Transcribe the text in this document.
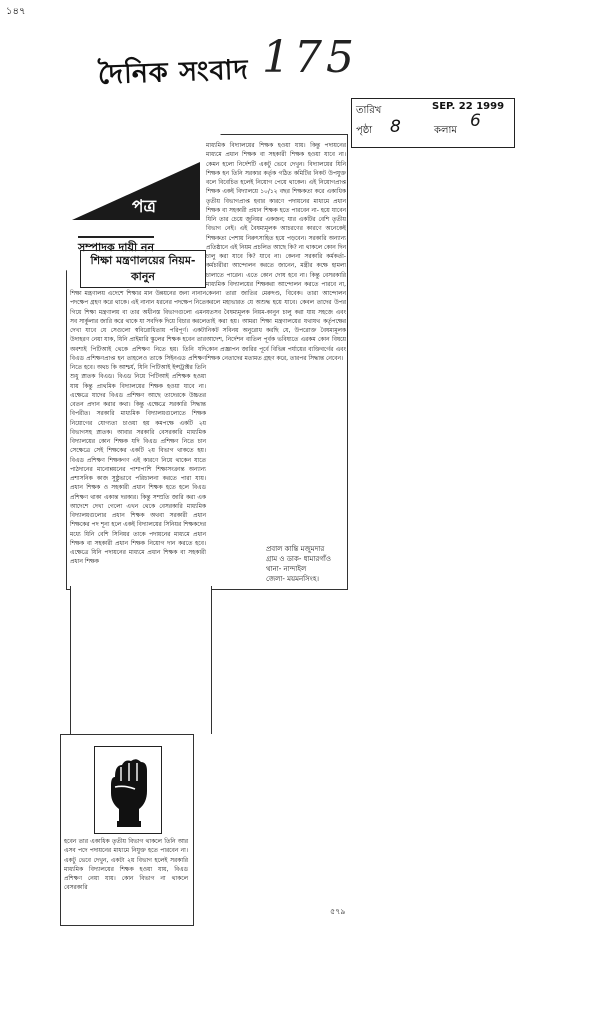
১৪৭
দৈনিক সংবাদ 175
তারিখ	SEP. 22 1999
পৃষ্ঠা 8	কলাম 6
পত্র
সম্পাদক দায়ী নন
শিক্ষা মন্ত্রণালয়ের নিয়ম-কানুন
শিক্ষা মন্ত্রণালয় এদেশে শিক্ষার মান উন্নয়নের জন্য নানান পদক্ষেপ গ্রহণ করে থাকে। এই নানান ধরনের পদক্ষেপ নিতে গিয়ে শিক্ষা মন্ত্রণালয় বা তার অধীনস্ত বিভাগগুলো এমন সব সার্কুলার জারি করে থাকে যা সবদিক দিয়ে বিচার করলে দেখা যাবে যে সেগুলো স্ববিরোধিতায় পরিপূর্ণ। একটা উদাহরণ নেয়া যাক, যিনি প্রাইমারি স্কুলের শিক্ষক হবেন তার অবশ্যই পিটিআই থেকে প্রশিক্ষণ নিতে হয়। তিনি যদি বিএড প্রশিক্ষণপ্রাপ্ত হন তাহলেও তাকে সিইনএড প্রশিক্ষণ নিতে হবে। অথচ কি আশ্চর্য, যিনি পিটিআই ইন্সট্রাক্টর তিনি শুধু স্নাতক বিএড। বিএড নিয়ে পিটিআই প্রশিক্ষক হওয়া যায় কিন্তু প্রাথমিক বিদ্যালয়ের শিক্ষক হওয়া যাবে না। এক্ষেত্রে যাদের বিএড প্রশিক্ষণ আছে তাদেরকে উচ্চতর বেতন প্রদান করার কথা। কিন্তু এক্ষেত্রে সরকারি সিদ্ধান্ত বিপরীত। সরকারি মাধ্যমিক বিদ্যালয়গুলোতে শিক্ষক নিয়োগের যোগ্যতা চাওয়া হয় কমপক্ষে একটি ২য় বিভাগসহ স্নাতক। আবার সরকারি বেসরকারি মাধ্যমিক বিদ্যালয়ের কোন শিক্ষক যদি বিএড প্রশিক্ষণ নিতে চান সেক্ষেত্রে সেই শিক্ষকের একটি ২য় বিভাগ থাকতে হয়। বিএড প্রশিক্ষণ শিক্ষকগণ এই কারণে নিয়ে থাকেন যাতে পাঠদানের মানোন্নয়নের পাশাপাশি শিক্ষাসংক্রান্ত অন্যান্য প্রশাসনিক কাজ সুষ্ঠুভাবে পরিচালনা করতে পারা যায়। প্রধান শিক্ষক ও সহকারী প্রধান শিক্ষক হতে হলে বিএড প্রশিক্ষণ থাকা একান্ত দরকার। কিন্তু সম্প্রতি জারি করা এক আদেশে দেখা গেলো এখন থেকে বেসরকারি মাধ্যমিক বিদ্যালয়গুলোর প্রধান শিক্ষক অথবা সরকারী প্রধান শিক্ষকের পদ শূন্য হলে একই বিদ্যালয়ের সিনিয়র শিক্ষকদের মধ্যে যিনি বেশি সিনিয়র তাকে পদায়নের মাধ্যমে প্রধান শিক্ষক বা সহকারী প্রধান শিক্ষক নিয়োগ দান করতে হবে। এক্ষেত্রে যিনি পদায়নের মাধ্যমে প্রধান শিক্ষক বা সহকারী প্রধান শিক্ষক
মাধ্যমিক বিদ্যালয়ের শিক্ষক হওয়া যায়। কিন্তু পদায়নের মাধ্যমে প্রধান শিক্ষক বা সহকারী শিক্ষক হওয়া যাবে না। কেমন হলো নির্দেশটি একটু ভেবে দেখুন। বিদ্যালয়ের যিনি শিক্ষক হন তিনি সরকার কর্তৃক গঠিত কমিটির নিকট উপযুক্ত বলে বিবেচিত হলেই নিয়োগ পেয়ে থাকেন। এই নিয়োগপ্রাপ্ত শিক্ষক একই বিদ্যালয়ে ১০/১২ বছর শিক্ষকতা করে একাধিক তৃতীয় বিভাগপ্রাপ্ত হবার কারণে পদায়নের মাধ্যমে প্রধান শিক্ষক বা সহকারী প্রধান শিক্ষক হতে পারবেন না- হয়ে যাবেন যিনি তার চেয়ে জুনিয়র একজন; যার একটির বেশি তৃতীয় বিভাগ নেই। এই বৈষম্যমূলক আচরণের কারণে অনেকেই শিক্ষকতা পেশায় নিরুৎসাহিত হয়ে পড়বেন। সরকারি অন্যান্য প্রতিষ্ঠানে এই নিয়ম প্রচলিত আছে কি? না থাকলে কোন দিন চালু করা যাবে কি? যাবে না। কেননা সরকারি কর্মকর্তা-কর্মচারীরা আন্দোলন করতে জানেন, মন্ত্রীর কক্ষে হামলা চালাতে পারেন। এতে কোন দোষ হবে না। কিন্তু বেসরকারি মাধ্যমিক বিদ্যালয়ের শিক্ষকরা আন্দোলন করতে পারবে না, কেননা তারা জাতির মেরুদণ্ড, বিবেক। তারা আন্দোলন করলে মহাভারত যে অশুদ্ধ হয়ে যাবে। কেবল তাদের উপর যতসব বৈষম্যমূলক নিয়ম-কানুন চালু করা যায় সহজে এবং তাই করা হয়। আমরা শিক্ষা মন্ত্রণালয়ের যথাযথ কর্তৃপক্ষের নিকট সবিনয় অনুরোধ করছি যে, উপরোক্ত বৈষম্যমূলক আদেশ, নির্দেশন বাতিল পূর্বক ভবিষ্যতে এরকম কোন বিষয়ে কোন প্রজ্ঞাপন জারির পূর্বে বিভিন্ন পর্যায়ের ব্যক্তিবর্গের এবং শিক্ষক নেতাদের মতামত গ্রহণ করে, তারপর সিদ্ধান্ত নেবেন।
প্রবাল কান্তি মজুমদার
গ্রাম ও ডাক- ধামারগাঁও
থানা- নান্দাইল
জেলা- ময়মনসিংহ।
হবেন তার একাধিক তৃতীয় বিভাগ থাকলে তিনি আর এসব পদে পদায়নের মাধ্যমে নিযুক্ত হতে পারবেন না। একটু ভেবে দেখুন, একটা ২য় বিভাগ হলেই সরকারি মাধ্যমিক বিদ্যালয়ের শিক্ষক হওয়া যায়, বিএড প্রশিক্ষণ নেয়া যায়। কোন বিভাগ না থাকলে বেসরকারি
৫৭৯
